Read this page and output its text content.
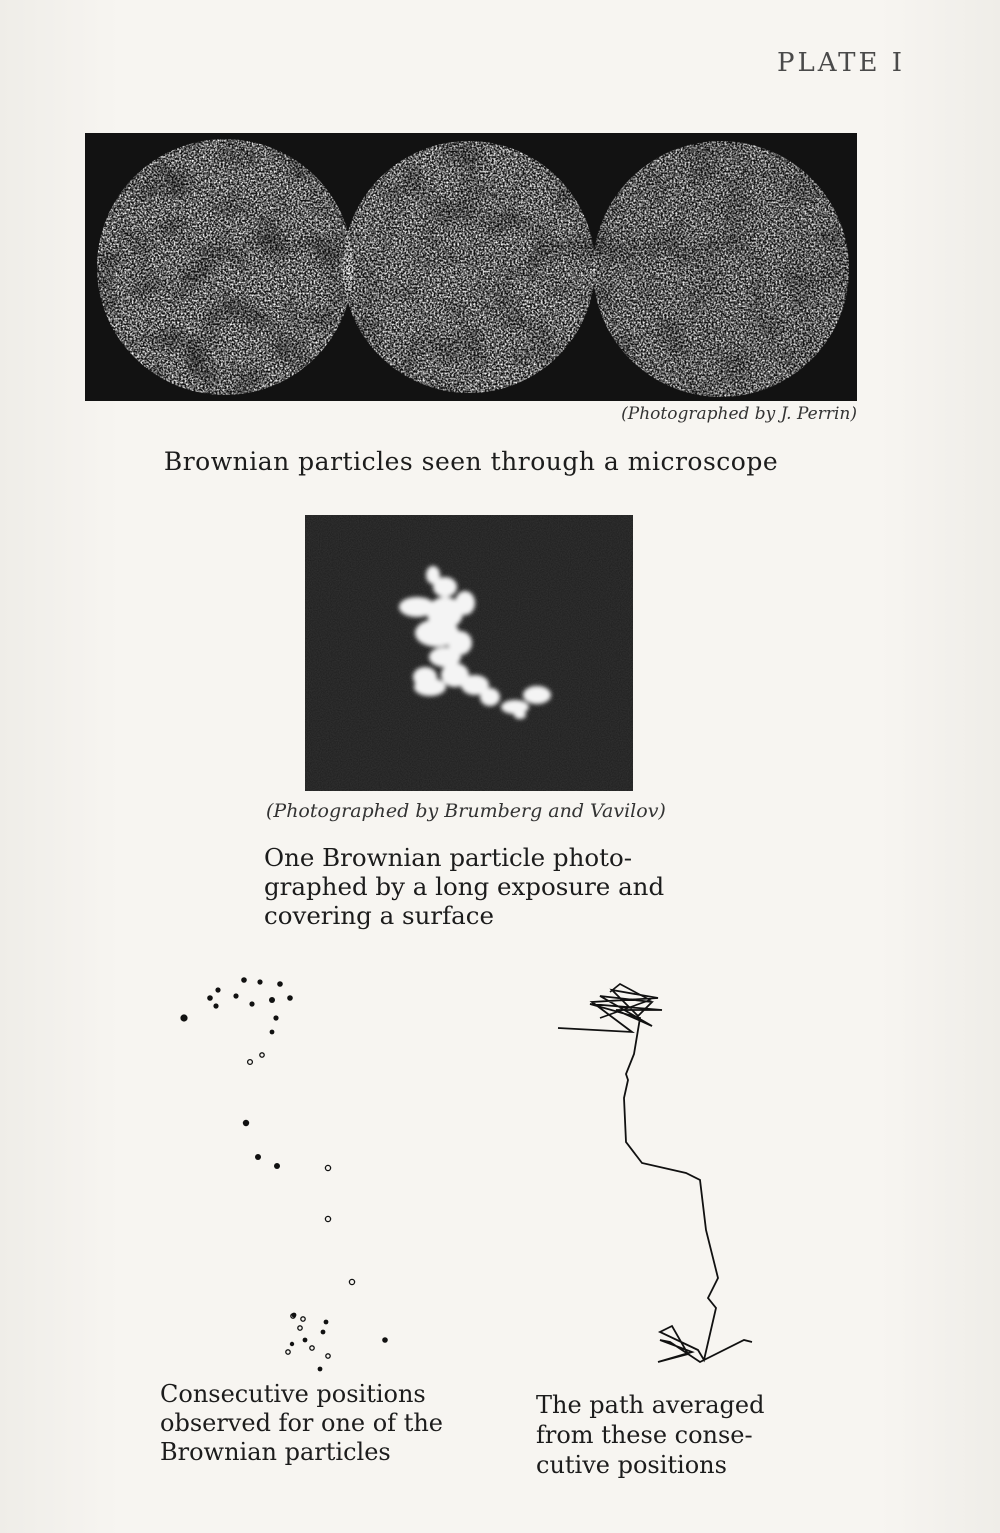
PLATE I
(Photographed by J. Perrin)
Brownian particles seen through a microscope
(Photographed by Brumberg and Vavilov)
One Brownian particle photo-
graphed by a long exposure and
covering a surface
Consecutive positions
observed for one of the
Brownian particles
The path averaged
from these conse-
cutive positions
